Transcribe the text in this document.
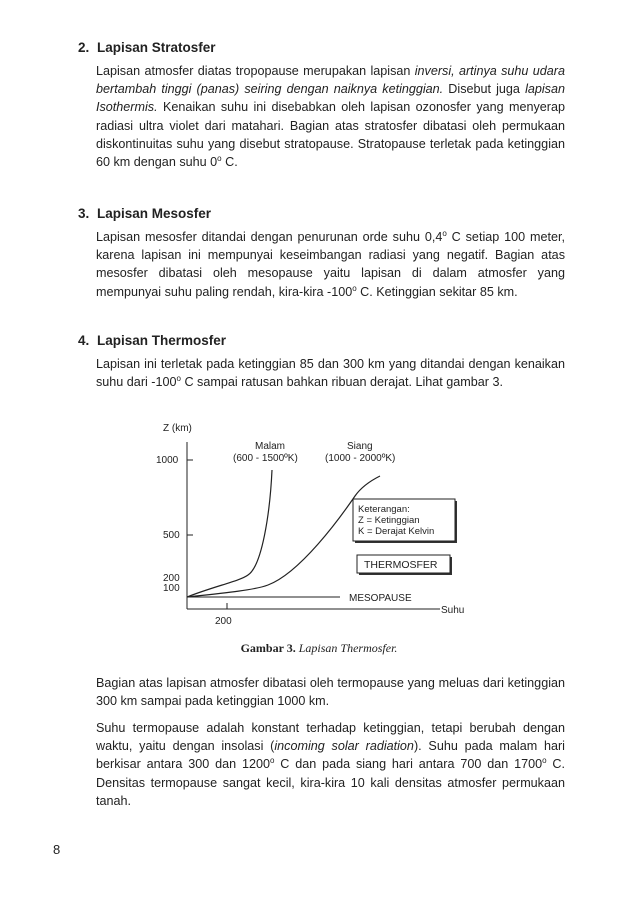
2. Lapisan Stratosfer
Lapisan atmosfer diatas tropopause merupakan lapisan inversi, artinya suhu udara bertambah tinggi (panas) seiring dengan naiknya ketinggian. Disebut juga lapisan Isothermis. Kenaikan suhu ini disebabkan oleh lapisan ozonosfer yang menyerap radiasi ultra violet dari matahari. Bagian atas stratosfer dibatasi oleh permukaan diskontinuitas suhu yang disebut stratopause. Stratopause terletak pada ketinggian 60 km dengan suhu 0$^o$ C.
3. Lapisan Mesosfer
Lapisan mesosfer ditandai dengan penurunan orde suhu 0,4$^o$ C setiap 100 meter, karena lapisan ini mempunyai keseimbangan radiasi yang negatif. Bagian atas mesosfer dibatasi oleh mesopause yaitu lapisan di dalam atmosfer yang mempunyai suhu paling rendah, kira-kira -100$^o$ C. Ketinggian sekitar 85 km.
4. Lapisan Thermosfer
Lapisan ini terletak pada ketinggian 85 dan 300 km yang ditandai dengan kenaikan suhu dari -100$^o$ C sampai ratusan bahkan ribuan derajat. Lihat gambar 3.
Z (km)
1000
500
200
100
200
Suhu
MESOPAUSE
Malam
(600 - 1500ºK)
Siang
(1000 - 2000ºK)
Keterangan:
Z = Ketinggian
K = Derajat Kelvin
THERMOSFER
Gambar 3. Lapisan Thermosfer.
Bagian atas lapisan atmosfer dibatasi oleh termopause yang meluas dari ketinggian 300 km sampai pada ketinggian 1000 km.
Suhu termopause adalah konstant terhadap ketinggian, tetapi berubah dengan waktu, yaitu dengan insolasi (incoming solar radiation). Suhu pada malam hari berkisar antara 300 dan 1200$^o$ C dan pada siang hari antara 700 dan 1700$^o$ C. Densitas termopause sangat kecil, kira-kira 10 kali densitas atmosfer permukaan tanah.
8
